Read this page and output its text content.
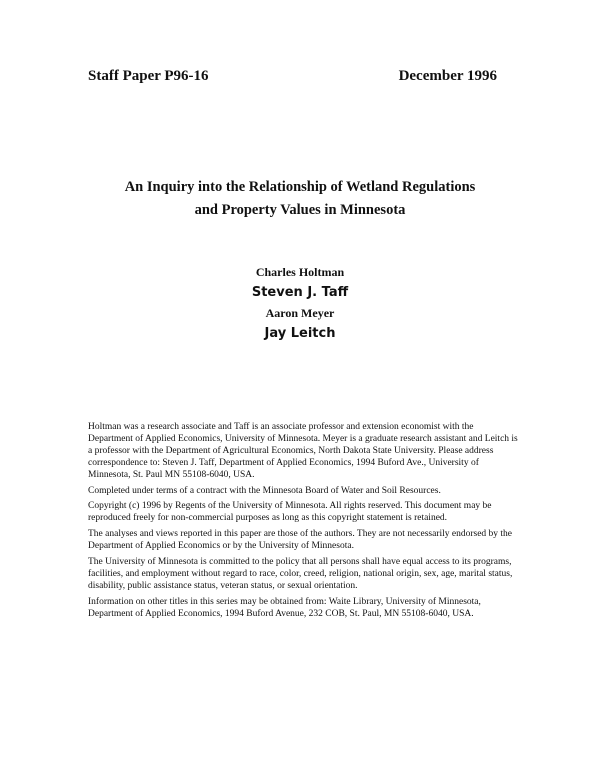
Staff Paper P96-16	December 1996
An Inquiry into the Relationship of Wetland Regulations
and Property Values in Minnesota
Charles Holtman
Steven J. Taff
Aaron Meyer
Jay Leitch

Holtman was a research associate and Taff is an associate professor and extension economist with the Department of Applied Economics, University of Minnesota. Meyer is a graduate research assistant and Leitch is a professor with the Department of Agricultural Economics, North Dakota State University. Please address correspondence to: Steven J. Taff, Department of Applied Economics, 1994 Buford Ave., University of Minnesota, St. Paul MN 55108-6040, USA.

Completed under terms of a contract with the Minnesota Board of Water and Soil Resources.

Copyright (c) 1996 by Regents of the University of Minnesota. All rights reserved. This document may be reproduced freely for non-commercial purposes as long as this copyright statement is retained.

The analyses and views reported in this paper are those of the authors. They are not necessarily endorsed by the Department of Applied Economics or by the University of Minnesota.

The University of Minnesota is committed to the policy that all persons shall have equal access to its programs, facilities, and employment without regard to race, color, creed, religion, national origin, sex, age, marital status, disability, public assistance status, veteran status, or sexual orientation.

Information on other titles in this series may be obtained from: Waite Library, University of Minnesota, Department of Applied Economics, 1994 Buford Avenue, 232 COB, St. Paul, MN 55108-6040, USA.
